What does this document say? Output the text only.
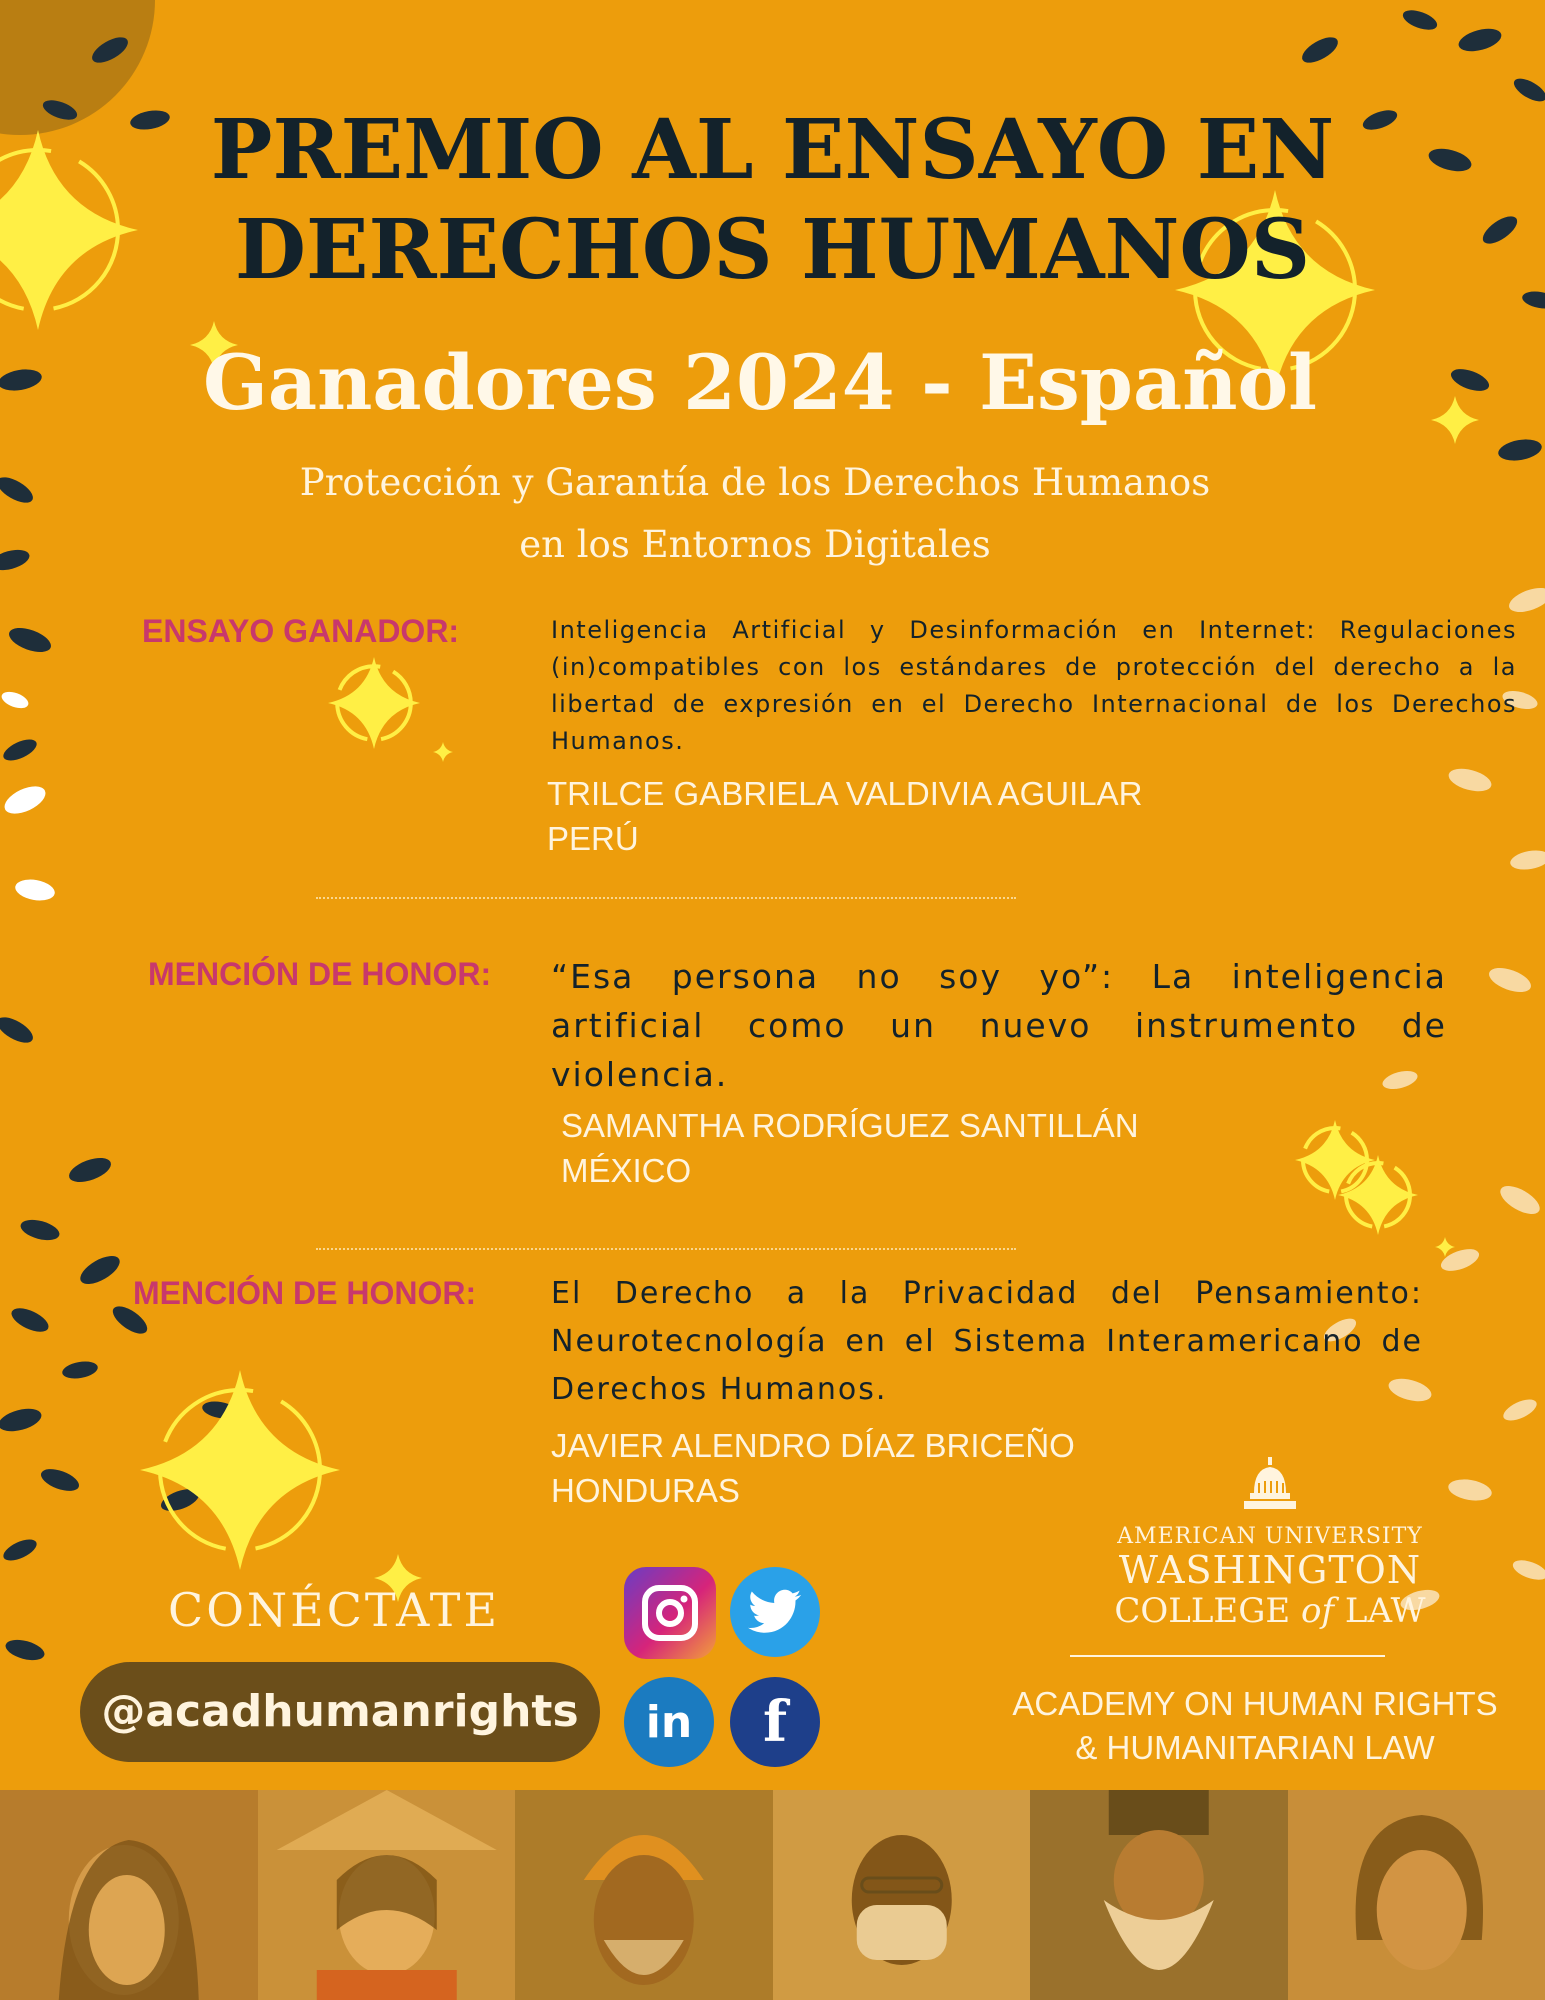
PREMIO AL ENSAYO EN
DERECHOS HUMANOS
Ganadores 2024 - Español
Protección y Garantía de los Derechos Humanos
en los Entornos Digitales
ENSAYO GANADOR:	Inteligencia Artificial y Desinformación en Internet: Regulaciones (in)compatibles con los estándares de protección del derecho a la libertad de expresión en el Derecho Internacional de los Derechos Humanos.
TRILCE GABRIELA VALDIVIA AGUILAR
PERÚ
MENCIÓN DE HONOR: “Esa persona no soy yo”: La inteligencia artificial como un nuevo instrumento de violencia.
SAMANTHA RODRÍGUEZ SANTILLÁN
MÉXICO
MENCIÓN DE HONOR: El Derecho a la Privacidad del Pensamiento: Neurotecnología en el Sistema Interamericano de Derechos Humanos.
JAVIER ALENDRO DÍAZ BRICEÑO
HONDURAS
CONÉCTATE
@acadhumanrights	in	f
AMERICAN UNIVERSITY
WASHINGTON
COLLEGE of LAW
ACADEMY ON HUMAN RIGHTS
& HUMANITARIAN LAW
